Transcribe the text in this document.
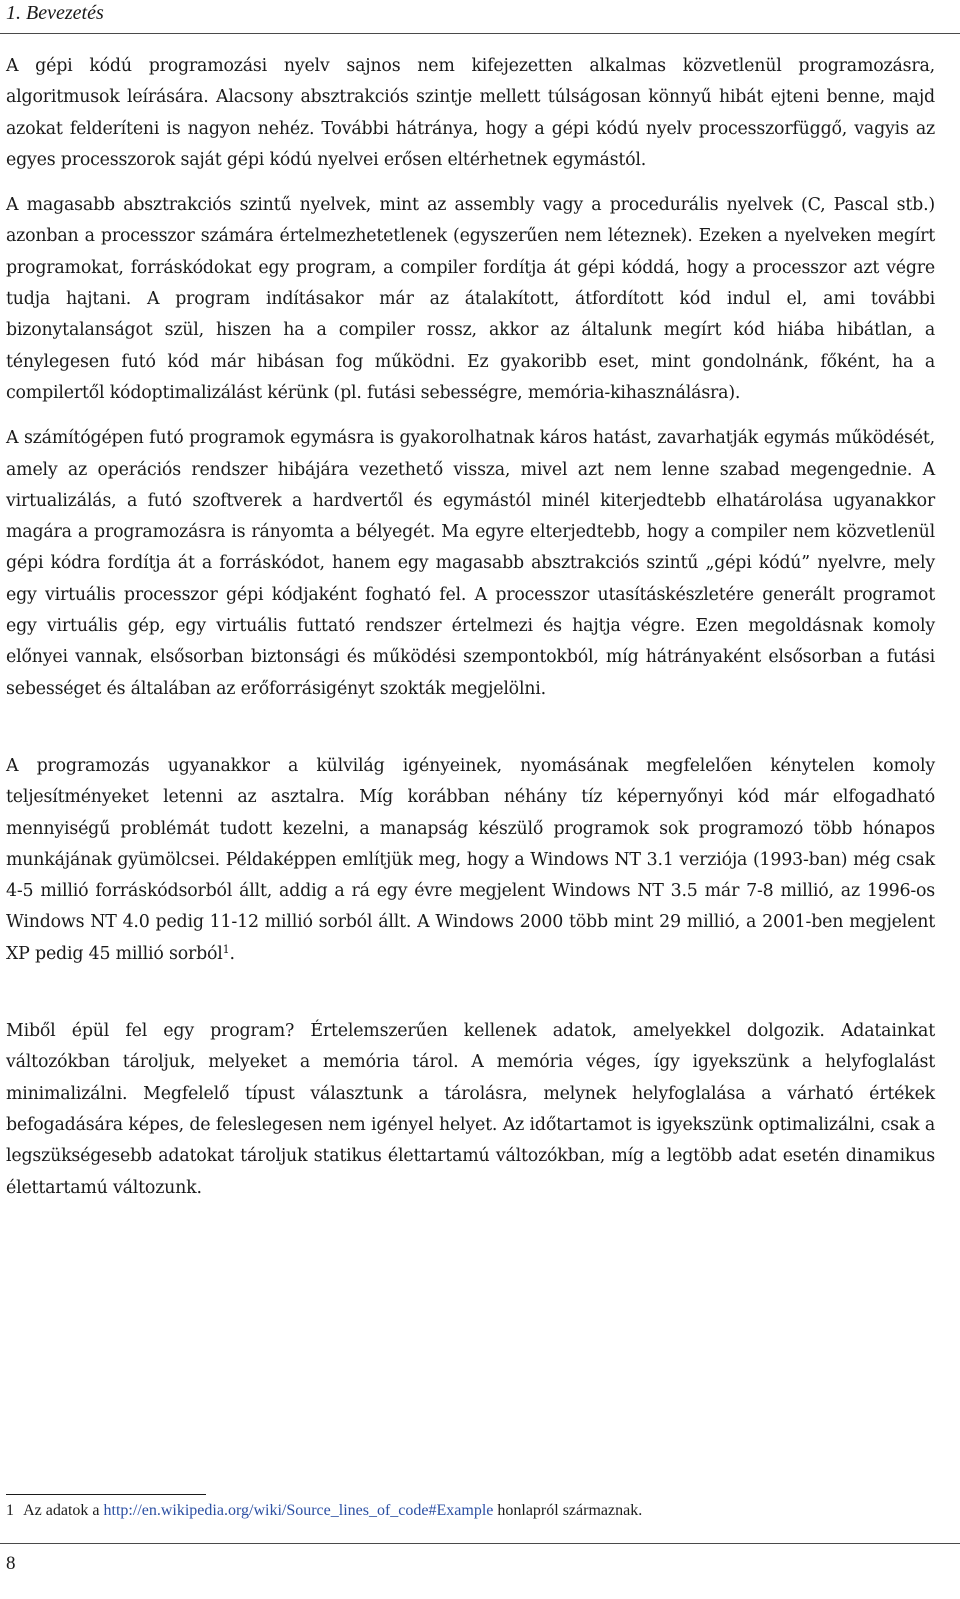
1. Bevezetés

A gépi kódú programozási nyelv sajnos nem kifejezetten alkalmas közvetlenül programozásra, algoritmusok leírására. Alacsony absztrakciós szintje mellett túlságosan könnyű hibát ejteni benne, majd azokat felderíteni is nagyon nehéz. További hátránya, hogy a gépi kódú nyelv processzorfüggő, vagyis az egyes processzorok saját gépi kódú nyelvei erősen eltérhetnek egymástól.

A magasabb absztrakciós szintű nyelvek, mint az assembly vagy a procedurális nyelvek (C, Pascal stb.) azonban a processzor számára értelmezhetetlenek (egyszerűen nem léteznek). Ezeken a nyelveken megírt programokat, forráskódokat egy program, a compiler fordítja át gépi kóddá, hogy a processzor azt végre tudja hajtani. A program indításakor már az átalakított, átfordított kód indul el, ami további bizonytalanságot szül, hiszen ha a compiler rossz, akkor az általunk megírt kód hiába hibátlan, a ténylegesen futó kód már hibásan fog működni. Ez gyakoribb eset, mint gondolnánk, főként, ha a compilertől kódoptimalizálást kérünk (pl. futási sebességre, memória-kihasználásra).

A számítógépen futó programok egymásra is gyakorolhatnak káros hatást, zavarhatják egymás működését, amely az operációs rendszer hibájára vezethető vissza, mivel azt nem lenne szabad megengednie. A virtualizálás, a futó szoftverek a hardvertől és egymástól minél kiterjedtebb elhatárolása ugyanakkor magára a programozásra is rányomta a bélyegét. Ma egyre elterjedtebb, hogy a compiler nem közvetlenül gépi kódra fordítja át a forráskódot, hanem egy magasabb absztrakciós szintű „gépi kódú” nyelvre, mely egy virtuális processzor gépi kódjaként fogható fel. A processzor utasításkészletére generált programot egy virtuális gép, egy virtuális futtató rendszer értelmezi és hajtja végre. Ezen megoldásnak komoly előnyei vannak, elsősorban biztonsági és működési szempontokból, míg hátrányaként elsősorban a futási sebességet és általában az erőforrásigényt szokták megjelölni.

A programozás ugyanakkor a külvilág igényeinek, nyomásának megfelelően kénytelen komoly teljesítményeket letenni az asztalra. Míg korábban néhány tíz képernyőnyi kód már elfogadható mennyiségű problémát tudott kezelni, a manapság készülő programok sok programozó több hónapos munkájának gyümölcsei. Példaképpen említjük meg, hogy a Windows NT 3.1 verziója (1993-ban) még csak 4-5 millió forráskódsorból állt, addig a rá egy évre megjelent Windows NT 3.5 már 7-8 millió, az 1996-os Windows NT 4.0 pedig 11-12 millió sorból állt. A Windows 2000 több mint 29 millió, a 2001-ben megjelent XP pedig 45 millió sorból$^1$.

Miből épül fel egy program? Értelemszerűen kellenek adatok, amelyekkel dolgozik. Adatainkat változókban tároljuk, melyeket a memória tárol. A memória véges, így igyekszünk a helyfoglalást minimalizálni. Megfelelő típust választunk a tárolásra, melynek helyfoglalása a várható értékek befogadására képes, de feleslegesen nem igényel helyet. Az időtartamot is igyekszünk optimalizálni, csak a legszükségesebb adatokat tároljuk statikus élettartamú változókban, míg a legtöbb adat esetén dinamikus élettartamú változunk.

1 Az adatok a http://en.wikipedia.org/wiki/Source_lines_of_code#Example honlapról származnak.
8
